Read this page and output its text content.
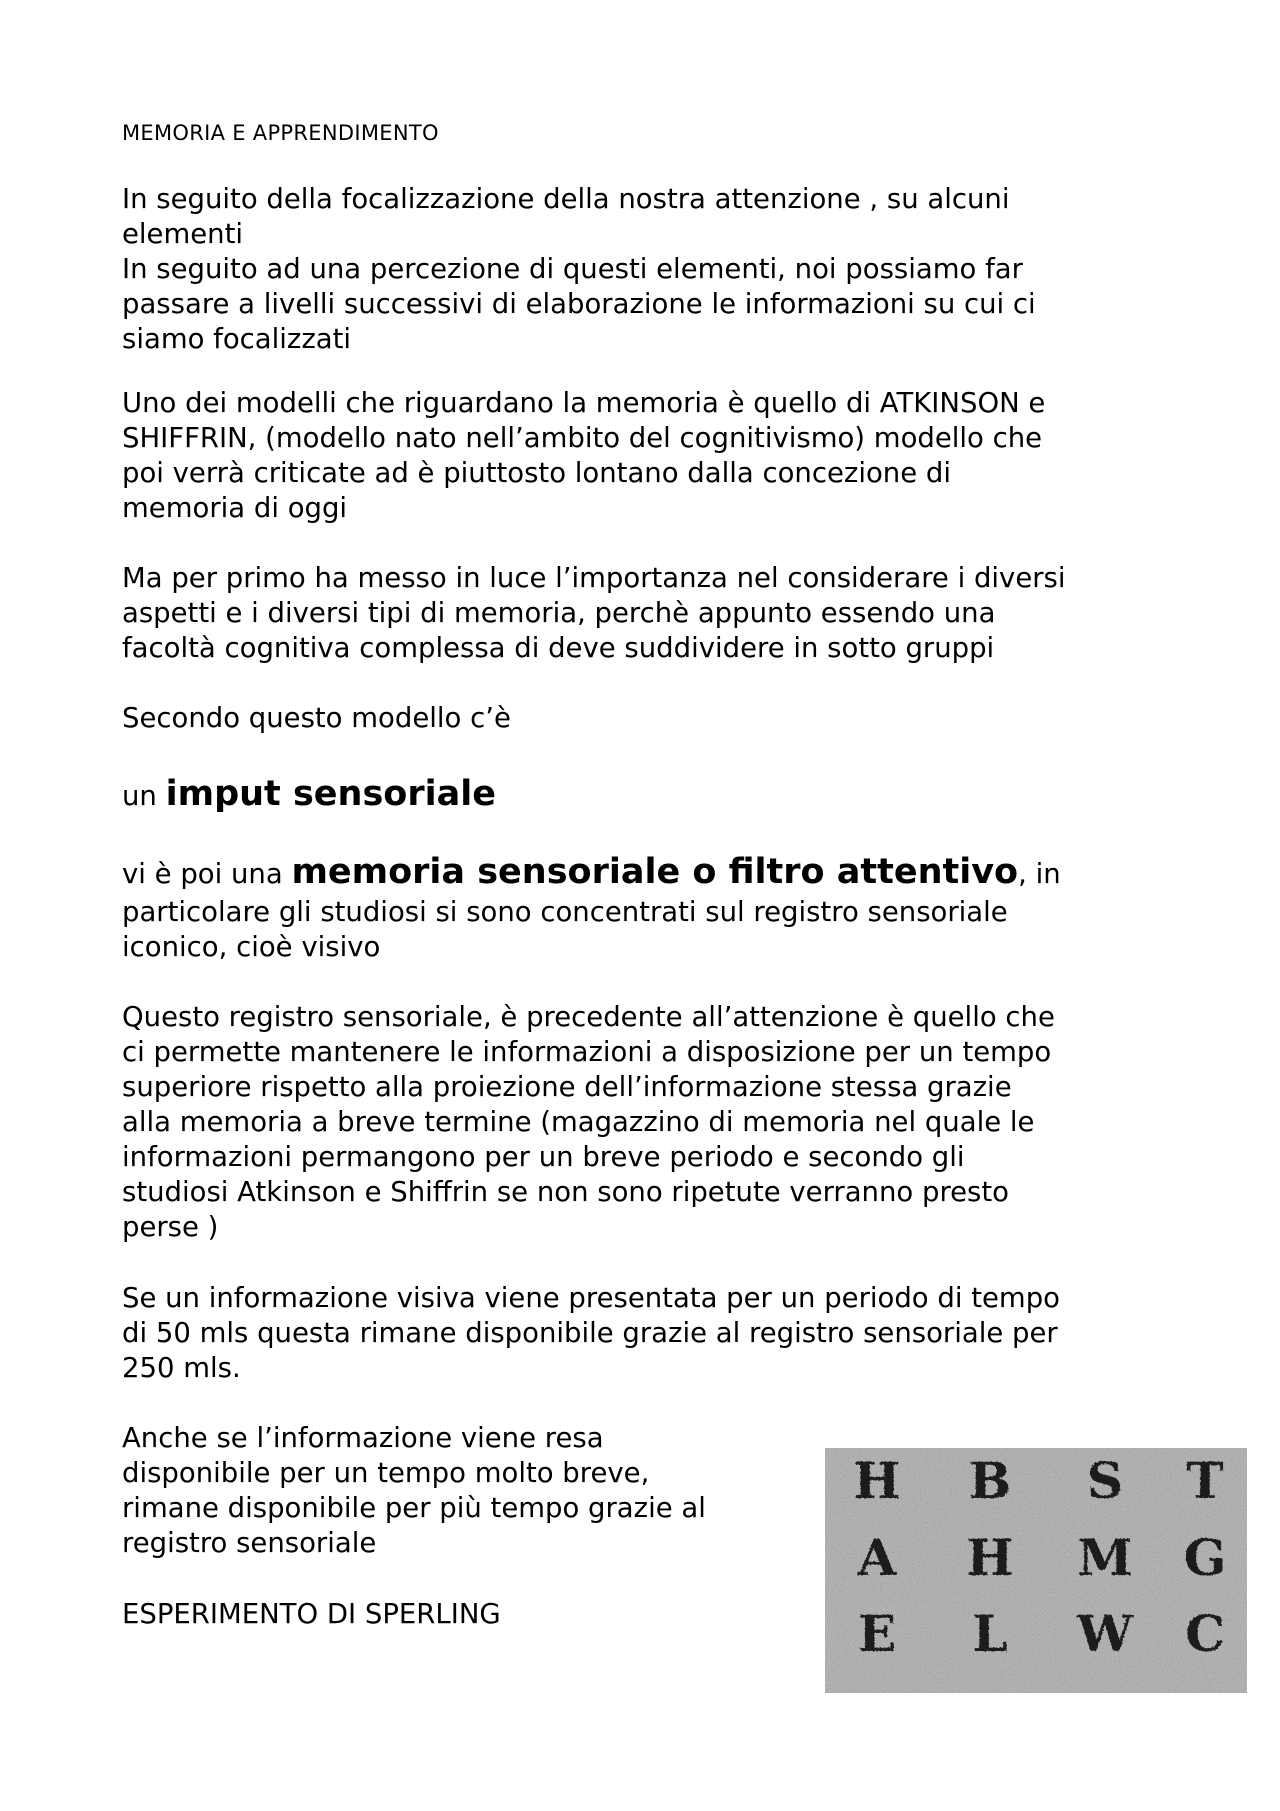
MEMORIA E APPRENDIMENTO

In seguito della focalizzazione della nostra attenzione , su alcuni
elementi
In seguito ad una percezione di questi elementi, noi possiamo far
passare a livelli successivi di elaborazione le informazioni su cui ci
siamo focalizzati

Uno dei modelli che riguardano la memoria è quello di ATKINSON e
SHIFFRIN, (modello nato nell’ambito del cognitivismo) modello che
poi verrà criticate ad è piuttosto lontano dalla concezione di
memoria di oggi

Ma per primo ha messo in luce l’importanza nel considerare i diversi
aspetti e i diversi tipi di memoria, perchè appunto essendo una
facoltà cognitiva complessa di deve suddividere in sotto gruppi

Secondo questo modello c’è

un imput sensoriale

vi è poi una memoria sensoriale o filtro attentivo, in
particolare gli studiosi si sono concentrati sul registro sensoriale
iconico, cioè visivo

Questo registro sensoriale, è precedente all’attenzione è quello che
ci permette mantenere le informazioni a disposizione per un tempo
superiore rispetto alla proiezione dell’informazione stessa grazie
alla memoria a breve termine (magazzino di memoria nel quale le
informazioni permangono per un breve periodo e secondo gli
studiosi Atkinson e Shiffrin se non sono ripetute verranno presto
perse )

Se un informazione visiva viene presentata per un periodo di tempo
di 50 mls questa rimane disponibile grazie al registro sensoriale per
250 mls.

Anche se l’informazione viene resa
disponibile per un tempo molto breve,
rimane disponibile per più tempo grazie al
registro sensoriale

ESPERIMENTO DI SPERLING
H B S T
A H M G
E L W C
